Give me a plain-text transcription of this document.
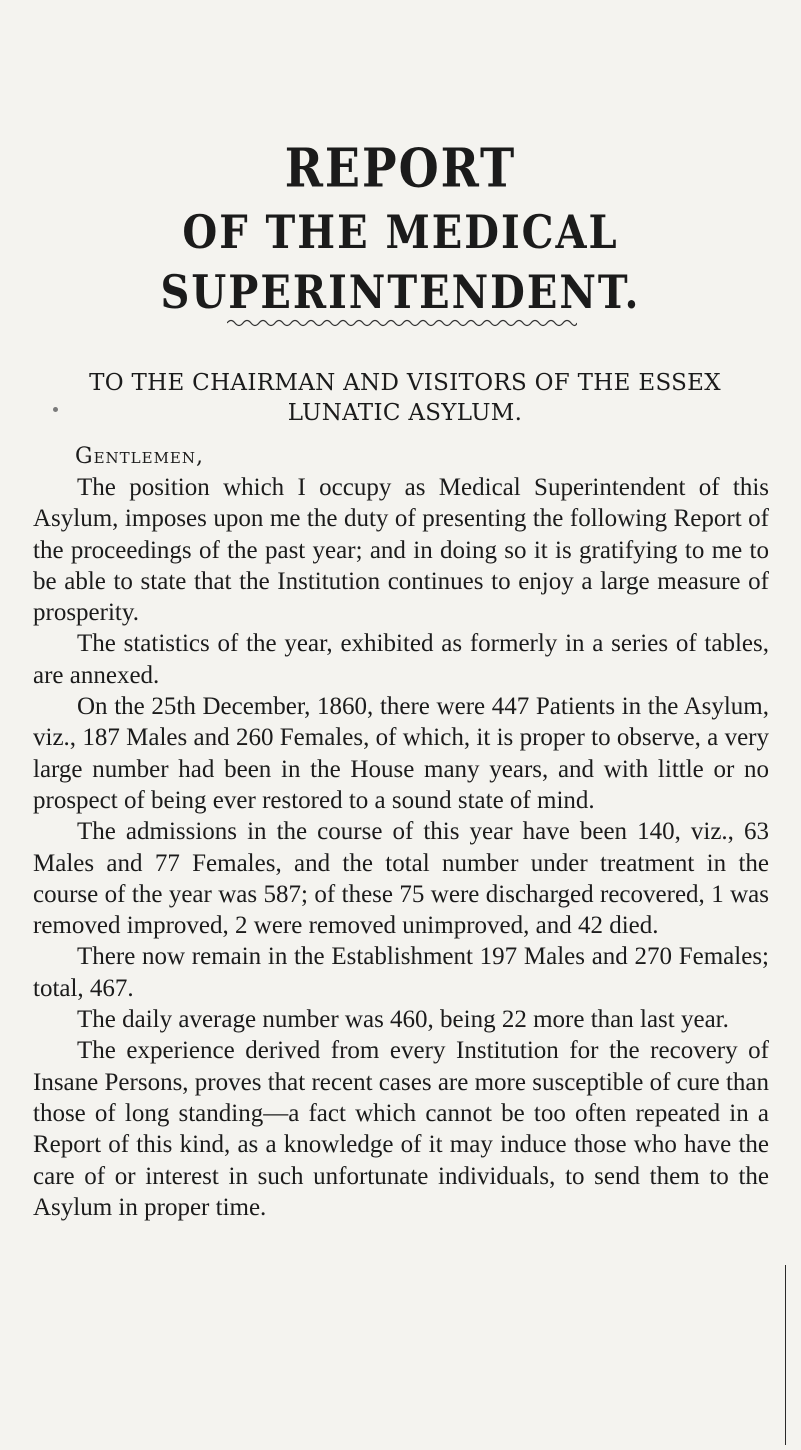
REPORT
OF THE MEDICAL SUPERINTENDENT.
TO THE CHAIRMAN AND VISITORS OF THE ESSEX
LUNATIC ASYLUM.
Gentlemen,

The position which I occupy as Medical Superintendent of this Asylum, imposes upon me the duty of presenting the following Report of the proceedings of the past year; and in doing so it is gratifying to me to be able to state that the Institution continues to enjoy a large measure of prosperity.

The statistics of the year, exhibited as formerly in a series of tables, are annexed.

On the 25th December, 1860, there were 447 Patients in the Asylum, viz., 187 Males and 260 Females, of which, it is proper to observe, a very large number had been in the House many years, and with little or no prospect of being ever restored to a sound state of mind.

The admissions in the course of this year have been 140, viz., 63 Males and 77 Females, and the total number under treatment in the course of the year was 587; of these 75 were discharged recovered, 1 was removed improved, 2 were removed unimproved, and 42 died.

There now remain in the Establishment 197 Males and 270 Females; total, 467.

The daily average number was 460, being 22 more than last year.

The experience derived from every Institution for the recovery of Insane Persons, proves that recent cases are more susceptible of cure than those of long standing—a fact which cannot be too often repeated in a Report of this kind, as a knowledge of it may induce those who have the care of or interest in such unfortunate individuals, to send them to the Asylum in proper time.
